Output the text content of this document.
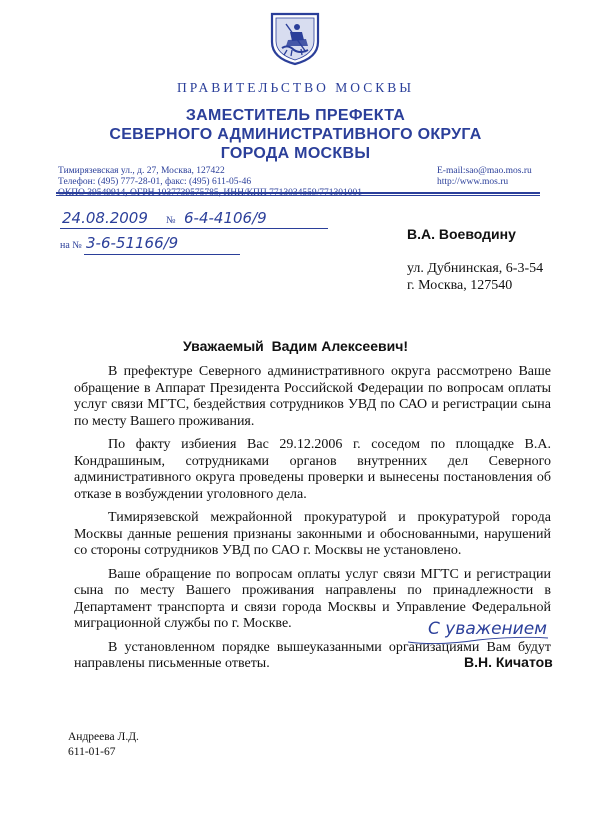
ПРАВИТЕЛЬСТВО МОСКВЫ
ЗАМЕСТИТЕЛЬ ПРЕФЕКТА
СЕВЕРНОГО АДМИНИСТРАТИВНОГО ОКРУГА
ГОРОДА МОСКВЫ
Тимирязевская ул., д. 27, Москва, 127422
Телефон: (495) 777-28-01, факс: (495) 611-05-46
ОКПО 39549914, ОГРН 1037739575785, ИНН/КПП 7713034559/771301001
E-mail:sao@mao.mos.ru
http://www.mos.ru
24.08.2009 № 6-4-4106/9
на № 3-6-51166/9	В.А. Воеводину
ул. Дубнинская, 6-3-54
г. Москва, 127540
Уважаемый  Вадим Алексеевич!

В префектуре Северного административного округа рассмотрено Ваше обращение в Аппарат Президента Российской Федерации по вопросам оплаты услуг связи МГТС, бездействия сотрудников УВД по САО и регистрации сына по месту Вашего проживания.

По факту избиения Вас 29.12.2006 г. соседом по площадке В.А. Кондрашиным, сотрудниками органов внутренних дел Северного административного округа проведены проверки и вынесены постановления об отказе в возбуждении уголовного дела.

Тимирязевской межрайонной прокуратурой и прокуратурой города Москвы данные решения признаны законными и обоснованными, нарушений со стороны сотрудников УВД по САО г. Москвы не установлено.

Ваше обращение по вопросам оплаты услуг связи МГТС и регистрации сына по месту Вашего проживания направлены по принадлежности в Департамент транспорта и связи города Москвы и Управление Федеральной миграционной службы по г. Москве.

В установленном порядке вышеуказанными организациями Вам будут направлены письменные ответы.

С уважением
В.Н. Кичатов
Андреева Л.Д.
611-01-67
